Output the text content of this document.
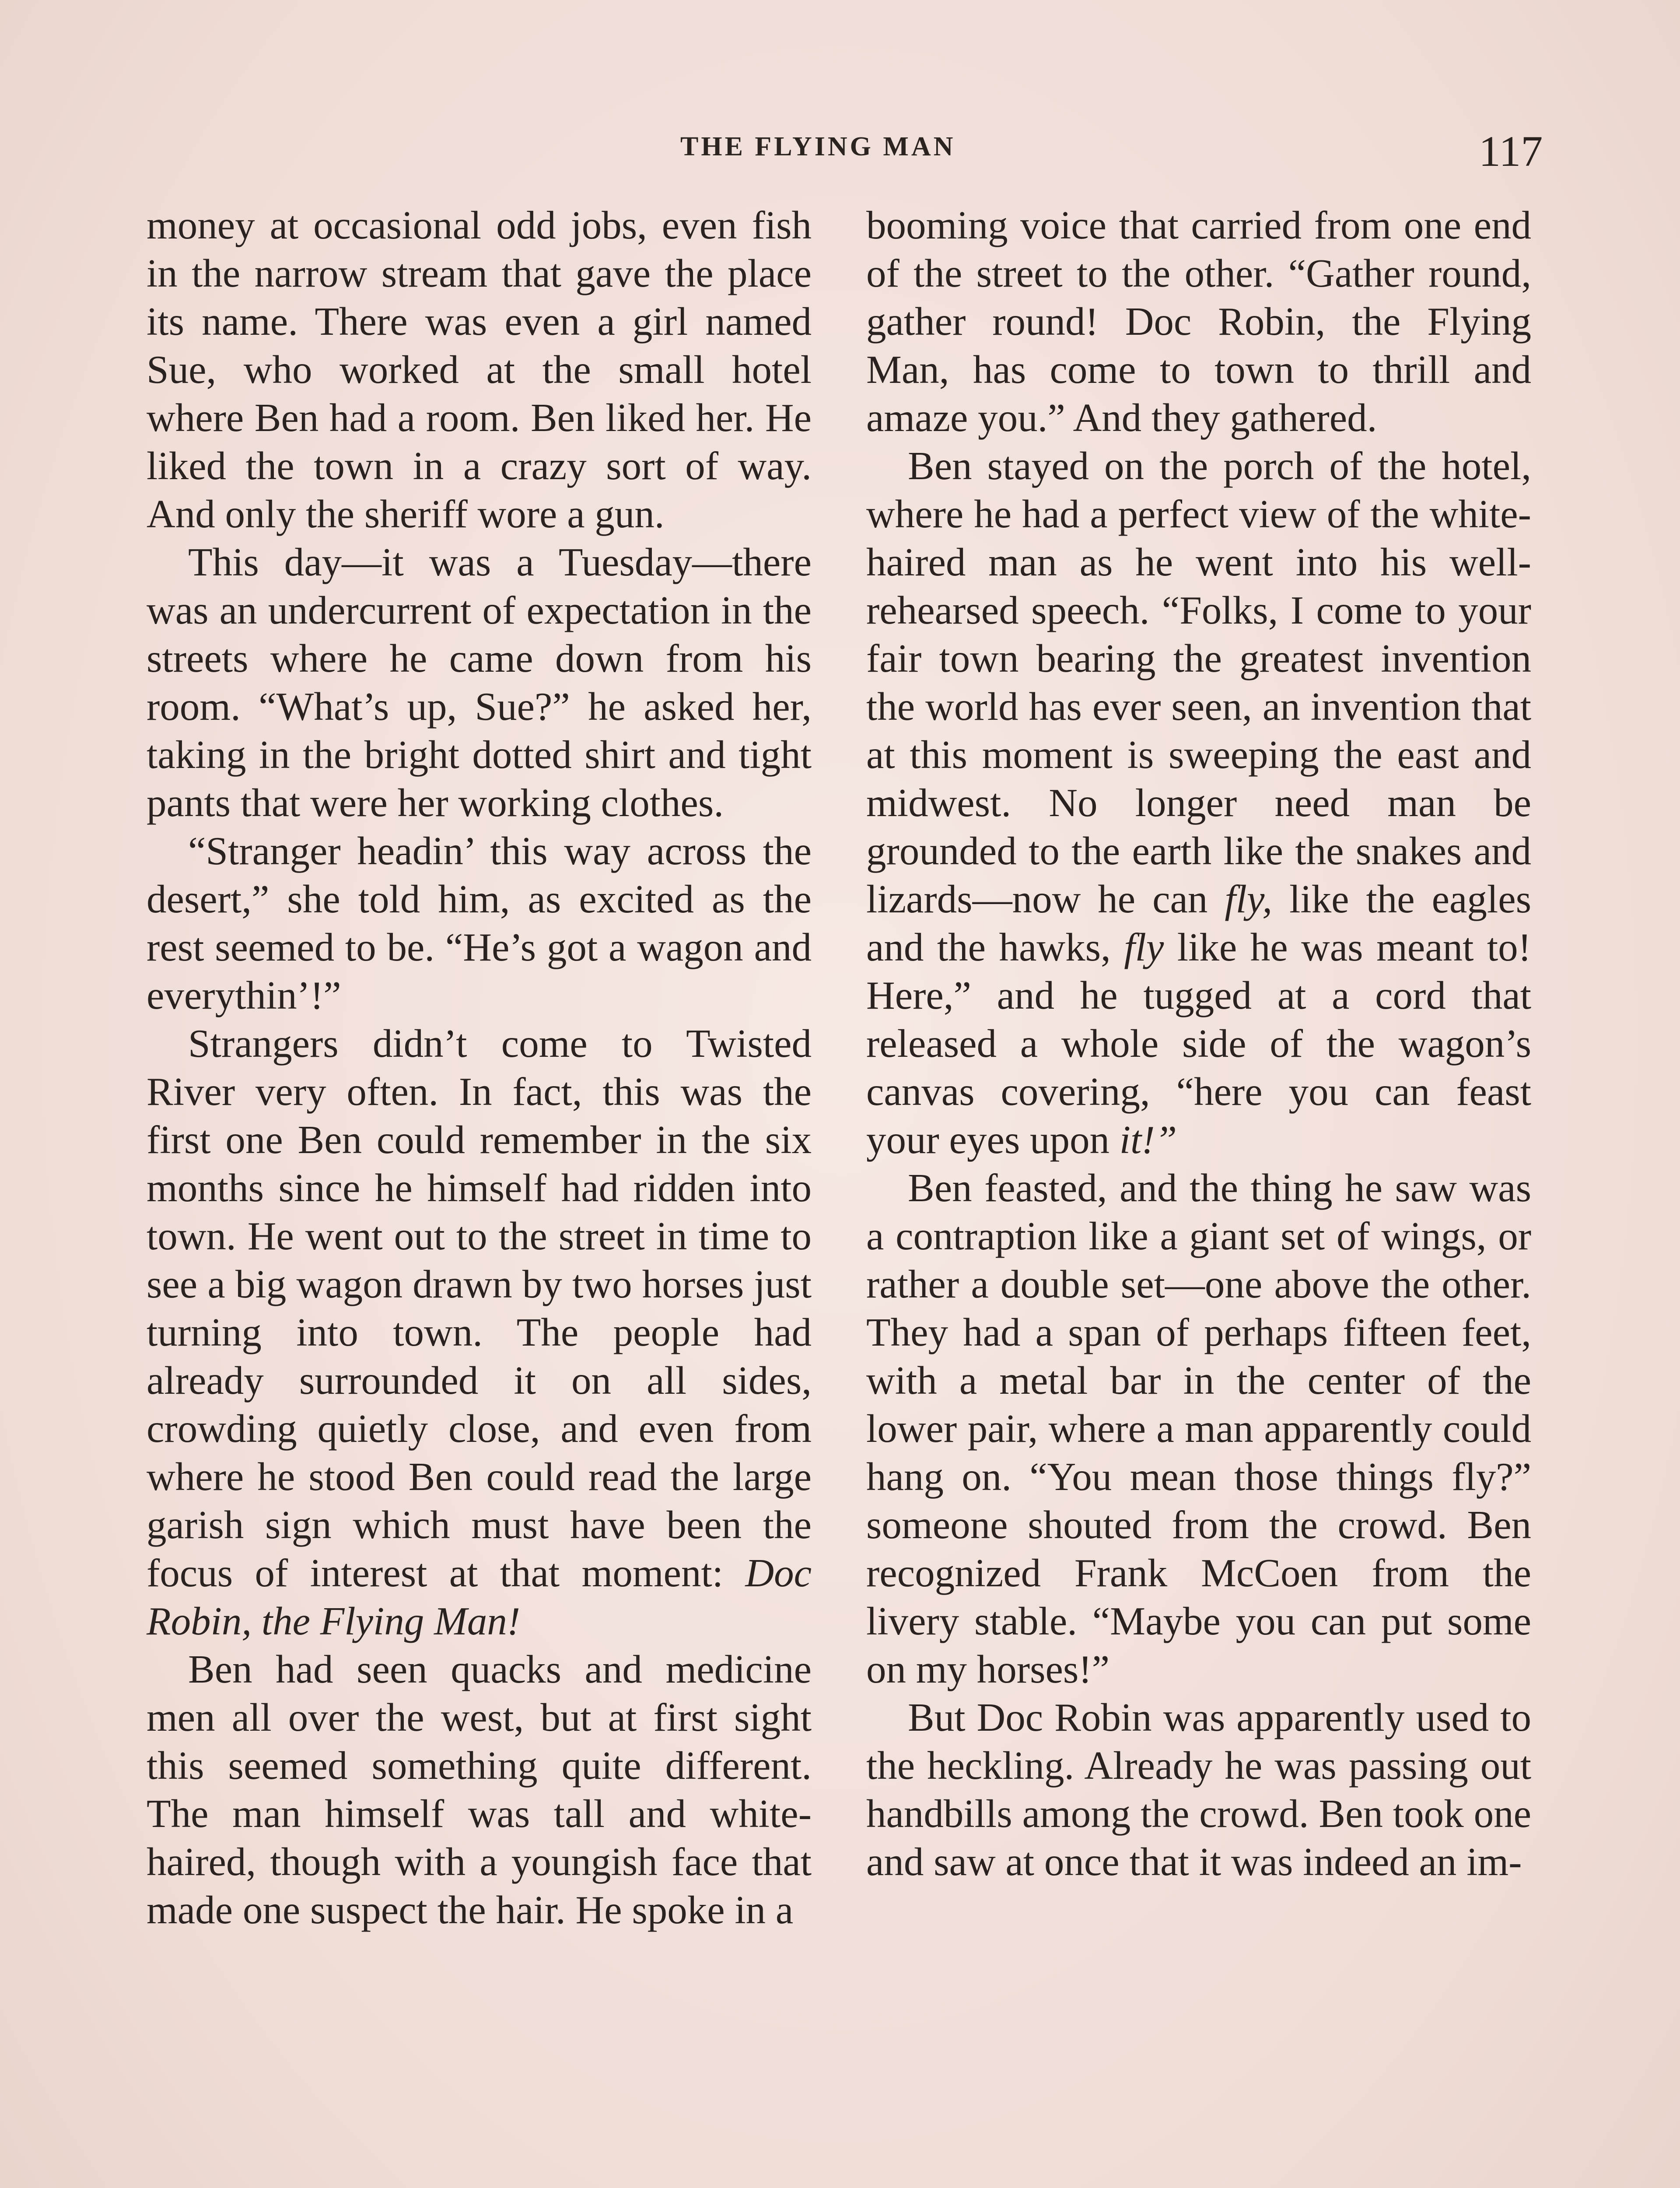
THE FLYING MAN	117

money at occasional odd jobs, even fish in the narrow stream that gave the place its name. There was even a girl named Sue, who worked at the small hotel where Ben had a room. Ben liked her. He liked the town in a crazy sort of way. And only the sheriff wore a gun.

This day—it was a Tuesday—there was an undercurrent of expectation in the streets where he came down from his room. “What’s up, Sue?” he asked her, taking in the bright dotted shirt and tight pants that were her working clothes.

“Stranger headin’ this way across the desert,” she told him, as excited as the rest seemed to be. “He’s got a wagon and everythin’!”

Strangers didn’t come to Twisted River very often. In fact, this was the first one Ben could remember in the six months since he himself had ridden into town. He went out to the street in time to see a big wagon drawn by two horses just turning into town. The people had already surrounded it on all sides, crowding quietly close, and even from where he stood Ben could read the large garish sign which must have been the focus of interest at that moment: Doc Robin, the Flying Man!

Ben had seen quacks and medicine men all over the west, but at first sight this seemed something quite different. The man himself was tall and white-haired, though with a youngish face that made one suspect the hair. He spoke in a

booming voice that carried from one end of the street to the other. “Gather round, gather round! Doc Robin, the Flying Man, has come to town to thrill and amaze you.” And they gathered.

Ben stayed on the porch of the hotel, where he had a perfect view of the white-haired man as he went into his well-rehearsed speech. “Folks, I come to your fair town bearing the greatest invention the world has ever seen, an invention that at this moment is sweeping the east and midwest. No longer need man be grounded to the earth like the snakes and lizards—now he can fly, like the eagles and the hawks, fly like he was meant to! Here,” and he tugged at a cord that released a whole side of the wagon’s canvas covering, “here you can feast your eyes upon it!”

Ben feasted, and the thing he saw was a contraption like a giant set of wings, or rather a double set—one above the other. They had a span of perhaps fifteen feet, with a metal bar in the center of the lower pair, where a man apparently could hang on. “You mean those things fly?” someone shouted from the crowd. Ben recognized Frank McCoen from the livery stable. “Maybe you can put some on my horses!”

But Doc Robin was apparently used to the heckling. Already he was passing out handbills among the crowd. Ben took one and saw at once that it was indeed an im-
